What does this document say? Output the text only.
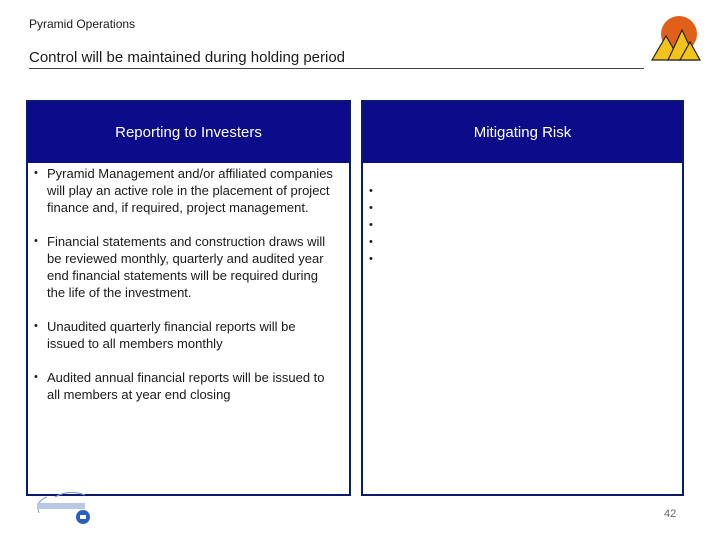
Pyramid Operations
Control will be maintained during holding period
Reporting to Investers
• Pyramid Management and/or affiliated companies will play an active role in the placement of project finance and, if required, project management.
• Financial statements and construction draws will be reviewed monthly, quarterly and audited year end financial statements will be required during the life of the investment.
• Unaudited quarterly financial reports will be issued to all members monthly
• Audited annual financial reports will be issued to all members at year end closing
Mitigating Risk
•
•
•
•
•
42
